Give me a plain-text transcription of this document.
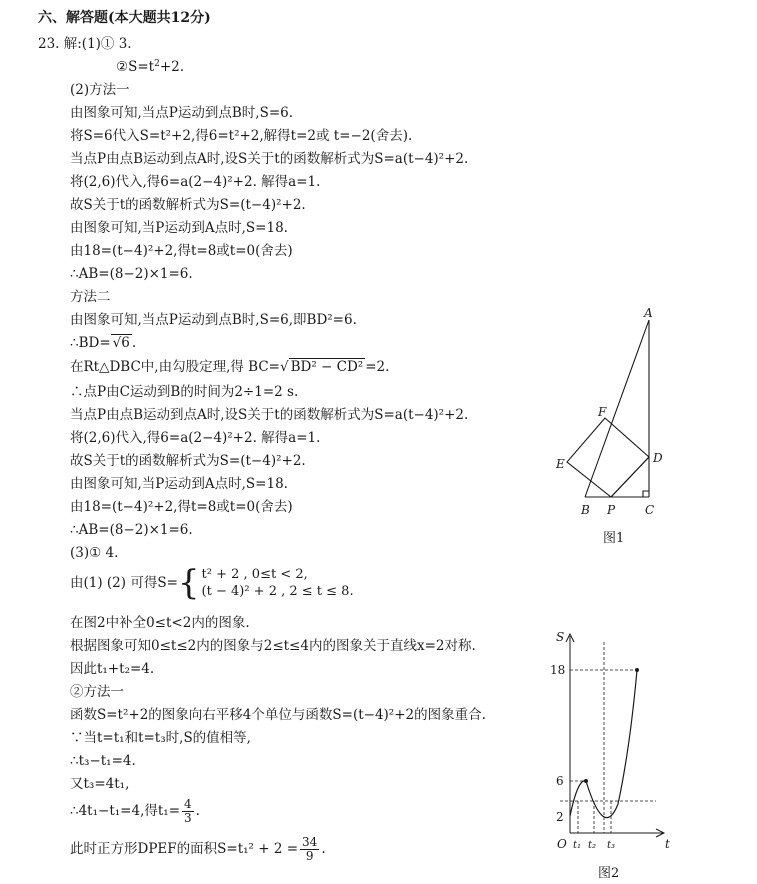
六、解答题(本大题共12分)
23. 解:(1)① 3.
$②S=t^2+2$.
(2)方法一
由图象可知,当点P运动到点B时,S=6.
将S=6代入S=t²+2,得6=t²+2,解得t=2或 t=−2(舍去).
当点P由点B运动到点A时,设S关于t的函数解析式为S=a(t−4)²+2.
将(2,6)代入,得6=a(2−4)²+2. 解得a=1.
故S关于t的函数解析式为S=(t−4)²+2.
由图象可知,当P运动到A点时,S=18.
由18=(t−4)²+2,得t=8或t=0(舍去)
∴AB=(8−2)×1=6.
方法二
由图象可知,当点P运动到点B时,S=6,即BD²=6.
∴BD= √6 .
在Rt△DBC中,由勾股定理,得 BC=√ BD² − CD² =2.
∴点P由C运动到B的时间为2÷1=2 s.
当点P由点B运动到点A时,设S关于t的函数解析式为S=a(t−4)²+2.
将(2,6)代入,得6=a(2−4)²+2. 解得a=1.
故S关于t的函数解析式为S=(t−4)²+2.
由图象可知,当P运动到A点时,S=18.
由18=(t−4)²+2,得t=8或t=0(舍去)
∴AB=(8−2)×1=6.
(3)① 4.
由(1) (2) 可得S={ t² + 2 , 0≤t < 2,
(t − 4)² + 2 , 2 ≤ t ≤ 8.
在图2中补全0≤t<2内的图象.
根据图象可知0≤t≤2内的图象与2≤t≤4内的图象关于直线x=2对称.
因此t₁+t₂=4.
②方法一
函数S=t²+2的图象向右平移4个单位与函数S=(t−4)²+2的图象重合.
∵当t=t₁和t=t₃时,S的值相等,
∴t₃−t₁=4.
又t₃=4t₁,
∴4t₁−t₁=4,得$t_1= \frac{4}{3}$ .
此时正方形DPEF的面积$S=t_1^2 + 2 = \frac{34}{9}$ .
A
B	C
D
E
F
P
图1
S
t
O
18
6
2
t₁ t₂ t₃
图2
